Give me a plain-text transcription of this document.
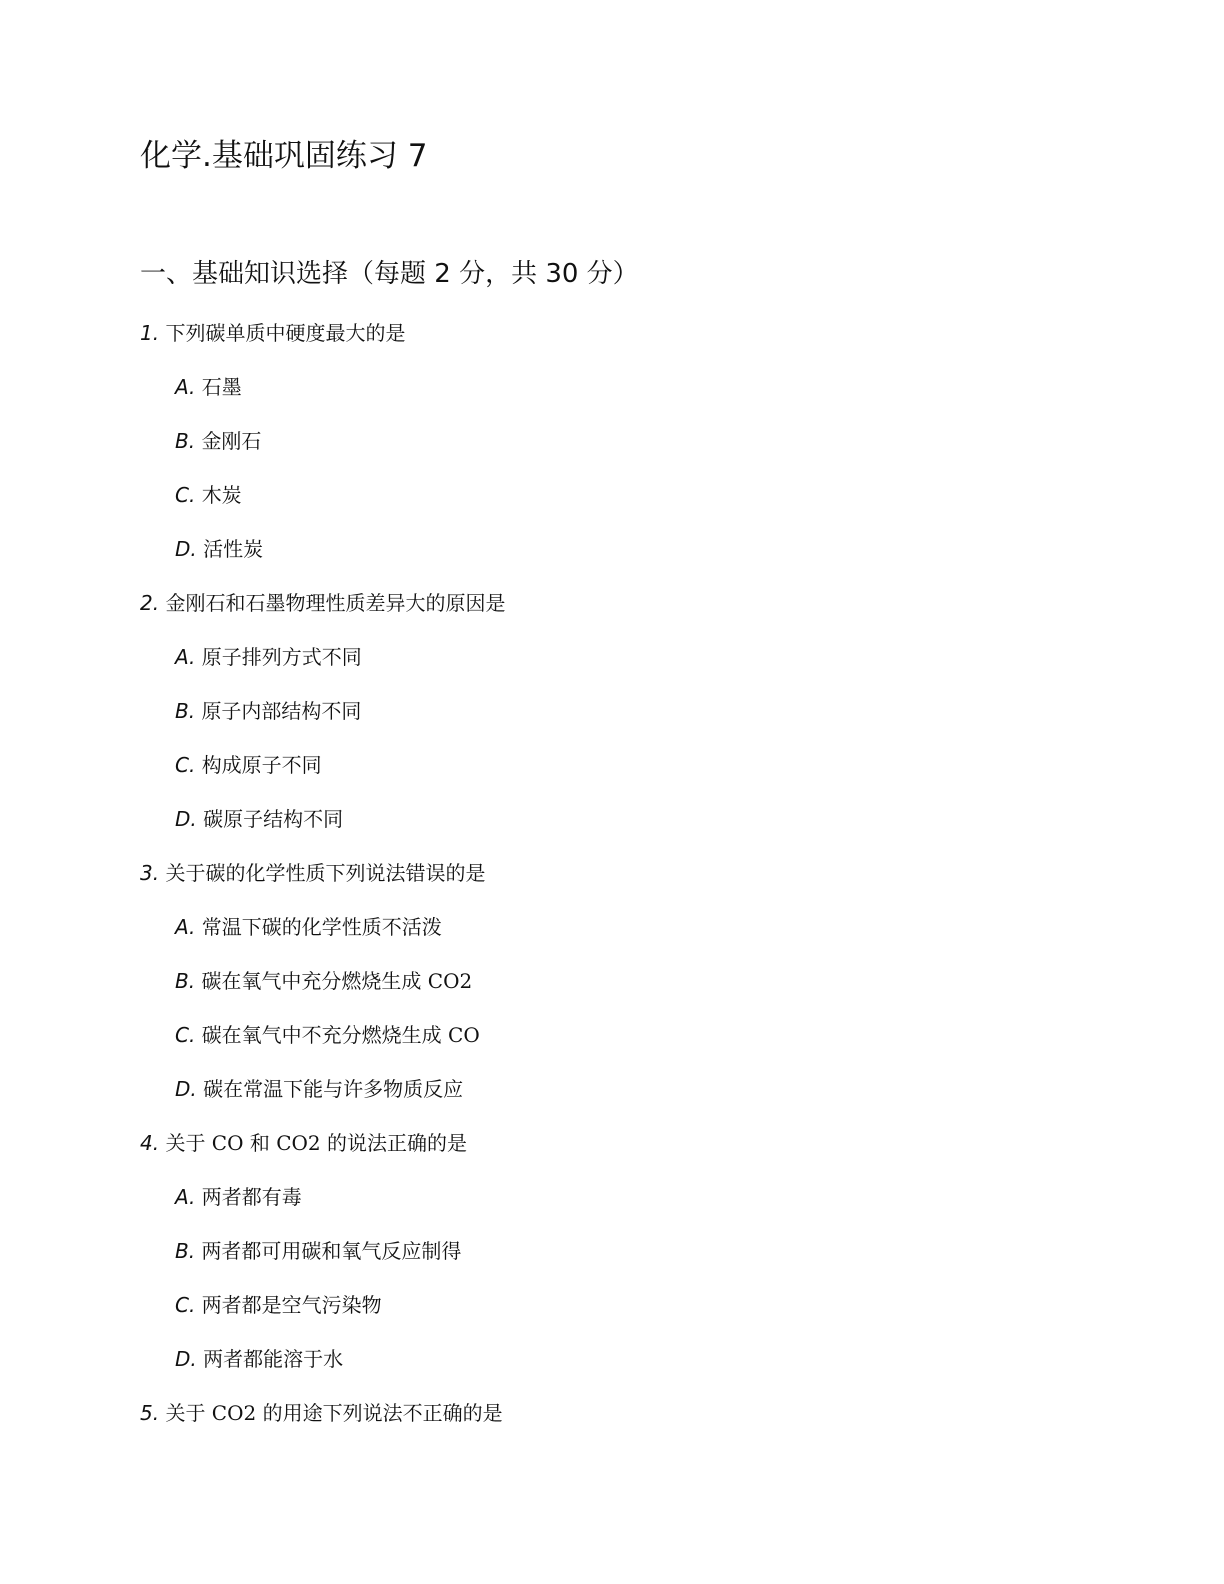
化学.基础巩固练习 7
一、基础知识选择（每题 2 分，共 30 分）
1. 下列碳单质中硬度最大的是
A. 石墨
B. 金刚石
C. 木炭
D. 活性炭
2. 金刚石和石墨物理性质差异大的原因是
A. 原子排列方式不同
B. 原子内部结构不同
C. 构成原子不同
D. 碳原子结构不同
3. 关于碳的化学性质下列说法错误的是
A. 常温下碳的化学性质不活泼
B. 碳在氧气中充分燃烧生成 CO2
C. 碳在氧气中不充分燃烧生成 CO
D. 碳在常温下能与许多物质反应
4. 关于 CO 和 CO2 的说法正确的是
A. 两者都有毒
B. 两者都可用碳和氧气反应制得
C. 两者都是空气污染物
D. 两者都能溶于水
5. 关于 CO2 的用途下列说法不正确的是
